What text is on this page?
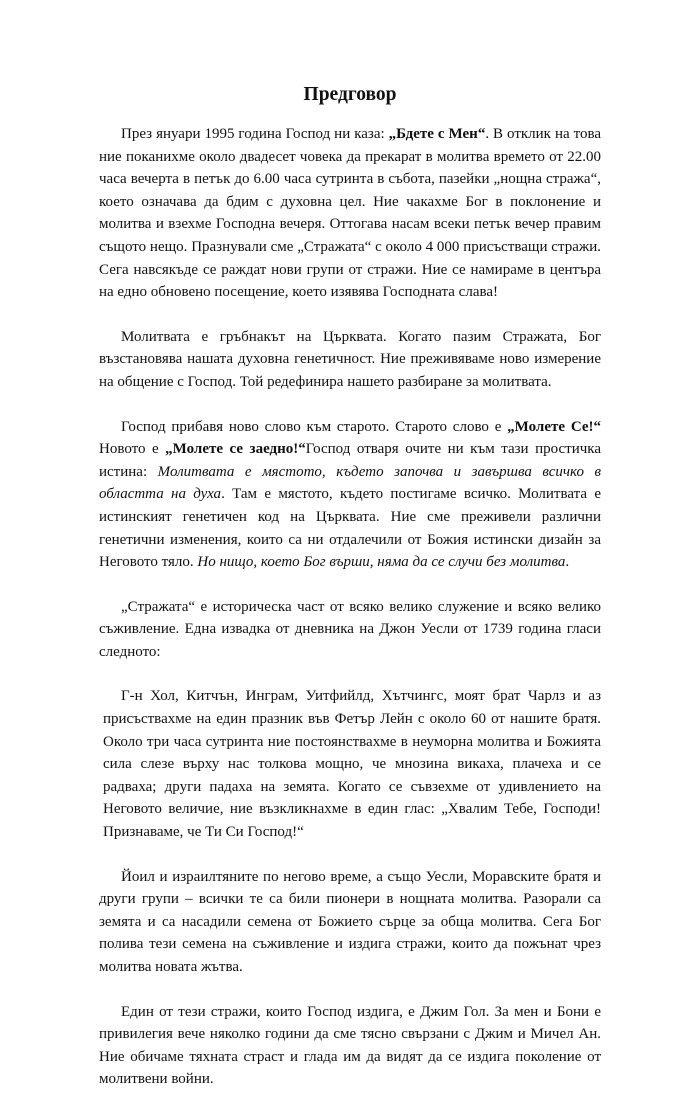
Предговор

През януари 1995 година Господ ни каза: „Бдете с Мен“. В отклик на това ние поканихме около двадесет човека да прекарат в молитва времето от 22.00 часа вечерта в петък до 6.00 часа сутринта в събота, пазейки „нощна стража“, което означава да бдим с духовна цел. Ние чакахме Бог в поклонение и молитва и взехме Господна вечеря. Оттогава насам всеки петък вечер правим същото нещо. Празнували сме „Стражата“ с около 4 000 присъстващи стражи. Сега навсякъде се раждат нови групи от стражи. Ние се намираме в центъра на едно обновено посещение, което изявява Господната слава!

Молитвата е гръбнакът на Църквата. Когато пазим Стражата, Бог възстановява нашата духовна генетичност. Ние преживяваме ново измерение на общение с Господ. Той редефинира нашето разбиране за молитвата.

Господ прибавя ново слово към старото. Старото слово е „Молете Се!“ Новото е „Молете се заедно!“Господ отваря очите ни към тази простичка истина: Молитвата е мястото, където започва и завършва всичко в областта на духа. Там е мястото, където постигаме всичко. Молитвата е истинският генетичен код на Църквата. Ние сме преживели различни генетични изменения, които са ни отдалечили от Божия истински дизайн за Неговото тяло. Но нищо, което Бог върши, няма да се случи без молитва.

„Стражата“ е историческа част от всяко велико служение и всяко велико съживление. Една извадка от дневника на Джон Уесли от 1739 година гласи следното:

Г-н Хол, Китчън, Инграм, Уитфийлд, Хътчингс, моят брат Чарлз и аз присъствахме на един празник във Фетър Лейн с около 60 от нашите братя. Около три часа сутринта ние постоянствахме в неуморна молитва и Божията сила слезе върху нас толкова мощно, че мнозина викаха, плачеха и се радваха; други падаха на земята. Когато се съвзехме от удивлението на Неговото величие, ние възкликнахме в един глас: „Хвалим Тебе, Господи! Признаваме, че Ти Си Господ!“

Йоил и израилтяните по негово време, а също Уесли, Моравските братя и други групи – всички те са били пионери в нощната молитва. Разорали са земята и са насадили семена от Божието сърце за обща молитва. Сега Бог полива тези семена на съживление и издига стражи, които да пожънат чрез молитва новата жътва.

Един от тези стражи, които Господ издига, е Джим Гол. За мен и Бони е привилегия вече няколко години да сме тясно свързани с Джим и Мичел Ан. Ние обичаме тяхната страст и глада им да видят да се издига поколение от молитвени войни.
